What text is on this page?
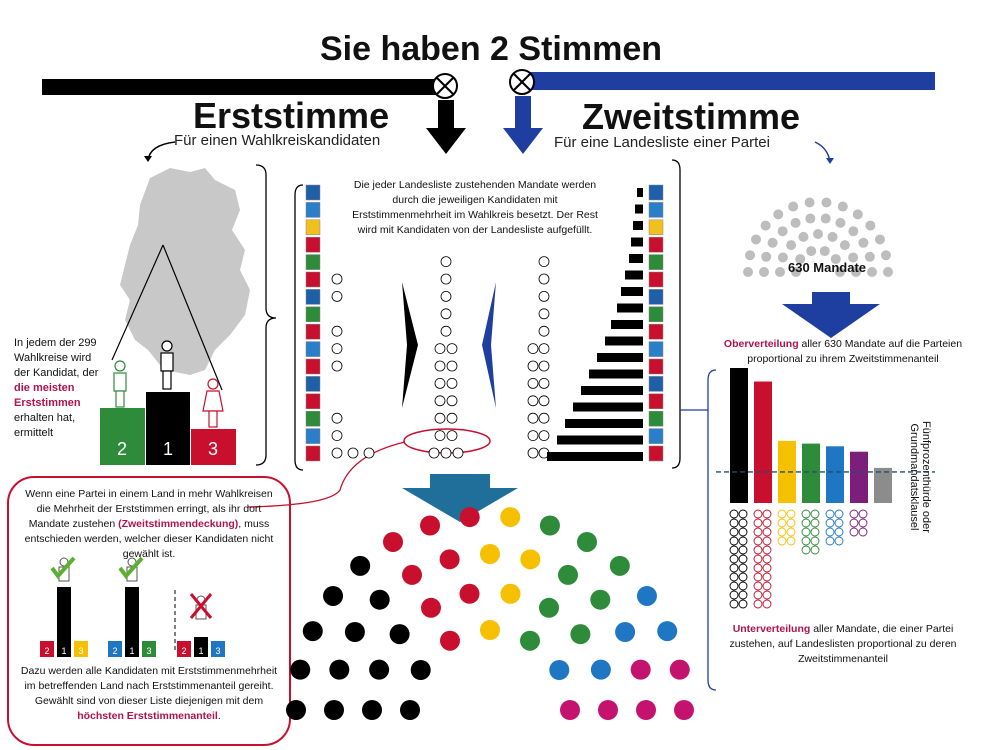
Sie haben 2 Stimmen
2 1 3
2 1 3	2 1 3	2 1 3
Erststimme
Für einen Wahlkreiskandidaten
Zweitstimme
Für eine Landesliste einer Partei
In jedem der 299 Wahlkreise wird der Kandidat, der die meisten Erststimmen erhalten hat, ermittelt
Die jeder Landesliste zustehenden Mandate werden durch die jeweiligen Kandidaten mit Erststimmenmehrheit im Wahlkreis besetzt. Der Rest wird mit Kandidaten von der Landesliste aufgefüllt.
630 Mandate
Oberverteilung aller 630 Mandate auf die Parteien proportional zu ihrem Zweitstimmenanteil
Fünfprozenthürde oder Grundmandatsklausel
Unterverteilung aller Mandate, die einer Partei zustehen, auf Landeslisten proportional zu deren Zweitstimmenanteil
Wenn eine Partei in einem Land in mehr Wahlkreisen die Mehrheit der Erststimmen erringt, als ihr dort Mandate zustehen (Zweitstimmendeckung), muss entschieden werden, welcher dieser Kandidaten nicht gewählt ist.
Dazu werden alle Kandidaten mit Erststimmenmehrheit im betreffenden Land nach Erststimmenanteil gereiht. Gewählt sind von dieser Liste diejenigen mit dem höchsten Erststimmenanteil.
